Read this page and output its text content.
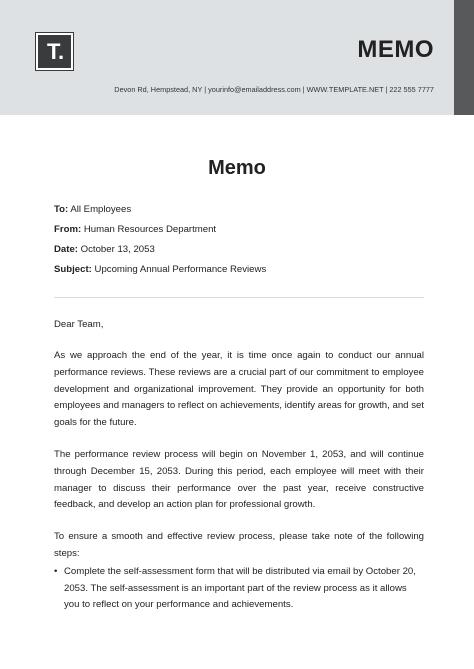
T.	MEMO
Devon Rd, Hempstead, NY | yourinfo@emailaddress.com | WWW.TEMPLATE.NET | 222 555 7777
Memo
To: All Employees
From: Human Resources Department
Date: October 13, 2053
Subject: Upcoming Annual Performance Reviews

Dear Team,

As we approach the end of the year, it is time once again to conduct our annual performance reviews. These reviews are a crucial part of our commitment to employee development and organizational improvement. They provide an opportunity for both employees and managers to reflect on achievements, identify areas for growth, and set goals for the future.

The performance review process will begin on November 1, 2053, and will continue through December 15, 2053. During this period, each employee will meet with their manager to discuss their performance over the past year, receive constructive feedback, and develop an action plan for professional growth.

To ensure a smooth and effective review process, please take note of the following steps:

• Complete the self-assessment form that will be distributed via email by October 20, 2053. The self-assessment is an important part of the review process as it allows you to reflect on your performance and achievements.
